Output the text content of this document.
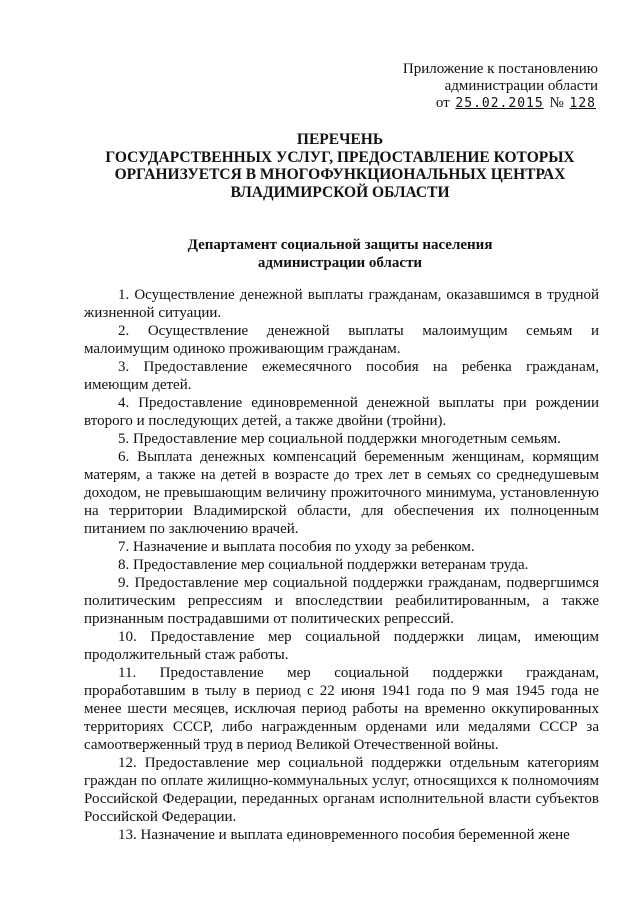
Приложение к постановлению
администрации области
от 25.02.2015 № 128
ПЕРЕЧЕНЬ
ГОСУДАРСТВЕННЫХ УСЛУГ, ПРЕДОСТАВЛЕНИЕ КОТОРЫХ
ОРГАНИЗУЕТСЯ В МНОГОФУНКЦИОНАЛЬНЫХ ЦЕНТРАХ
ВЛАДИМИРСКОЙ ОБЛАСТИ
Департамент социальной защиты населения
администрации области

1. Осуществление денежной выплаты гражданам, оказавшимся в трудной жизненной ситуации.

2. Осуществление денежной выплаты малоимущим семьям и малоимущим одиноко проживающим гражданам.

3. Предоставление ежемесячного пособия на ребенка гражданам, имеющим детей.

4. Предоставление единовременной денежной выплаты при рождении второго и последующих детей, а также двойни (тройни).

5. Предоставление мер социальной поддержки многодетным семьям.

6. Выплата денежных компенсаций беременным женщинам, кормящим матерям, а также на детей в возрасте до трех лет в семьях со среднедушевым доходом, не превышающим величину прожиточного минимума, установленную на территории Владимирской области, для обеспечения их полноценным питанием по заключению врачей.

7. Назначение и выплата пособия по уходу за ребенком.

8. Предоставление мер социальной поддержки ветеранам труда.

9. Предоставление мер социальной поддержки гражданам, подвергшимся политическим репрессиям и впоследствии реабилитированным, а также признанным пострадавшими от политических репрессий.

10. Предоставление мер социальной поддержки лицам, имеющим продолжительный стаж работы.

11. Предоставление мер социальной поддержки гражданам, проработавшим в тылу в период с 22 июня 1941 года по 9 мая 1945 года не менее шести месяцев, исключая период работы на временно оккупированных территориях СССР, либо награжденным орденами или медалями СССР за самоотверженный труд в период Великой Отечественной войны.

12. Предоставление мер социальной поддержки отдельным категориям граждан по оплате жилищно-коммунальных услуг, относящихся к полномочиям Российской Федерации, переданных органам исполнительной власти субъектов Российской Федерации.

13. Назначение и выплата единовременного пособия беременной жене
